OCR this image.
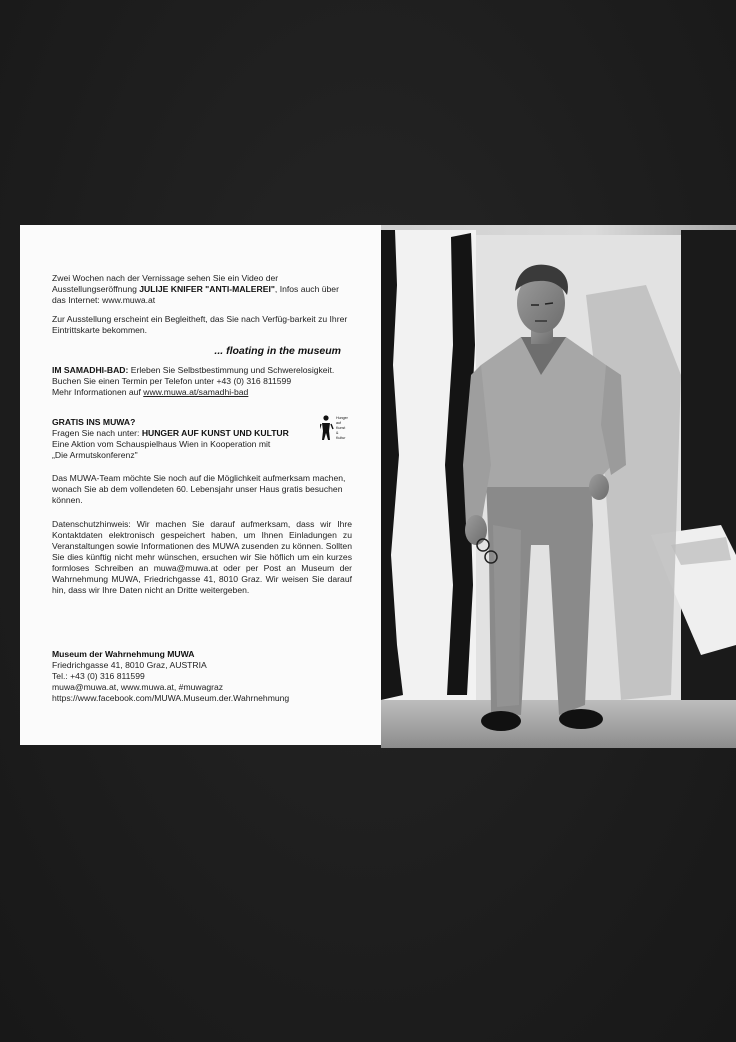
Zwei Wochen nach der Vernissage sehen Sie ein Video der Ausstellungseröffnung JULIJE KNIFER "ANTI-MALEREI", Infos auch über das Internet: www.muwa.at

Zur Ausstellung erscheint ein Begleitheft, das Sie nach Verfüg-barkeit zu Ihrer Eintrittskarte bekommen.

... floating in the museum

IM SAMADHI-BAD: Erleben Sie Selbstbestimmung und Schwerelosigkeit. Buchen Sie einen Termin per Telefon unter +43 (0) 316 811599

Mehr Informationen auf www.muwa.at/samadhi-bad

GRATIS INS MUWA?

Fragen Sie nach unter: HUNGER AUF KUNST UND KULTUR

Eine Aktion vom Schauspielhaus Wien in Kooperation mit

„Die Armutskonferenz"

Hunger
auf
Kunst
&
Kultur

Das MUWA-Team möchte Sie noch auf die Möglichkeit aufmerksam machen, wonach Sie ab dem vollendeten 60. Lebensjahr unser Haus gratis besuchen können.

Datenschutzhinweis: Wir machen Sie darauf aufmerksam, dass wir Ihre Kontaktdaten elektronisch gespeichert haben, um Ihnen Einladungen zu Veranstaltungen sowie Informationen des MUWA zusenden zu können. Sollten Sie dies künftig nicht mehr wünschen, ersuchen wir Sie höflich um ein kurzes formloses Schreiben an muwa@muwa.at oder per Post an Museum der Wahrnehmung MUWA, Friedrichgasse 41, 8010 Graz. Wir weisen Sie darauf hin, dass wir Ihre Daten nicht an Dritte weitergeben.

Museum der Wahrnehmung MUWA

Friedrichgasse 41, 8010 Graz, AUSTRIA

Tel.: +43 (0) 316 811599

muwa@muwa.at, www.muwa.at, #muwagraz

https://www.facebook.com/MUWA.Museum.der.Wahrnehmung
